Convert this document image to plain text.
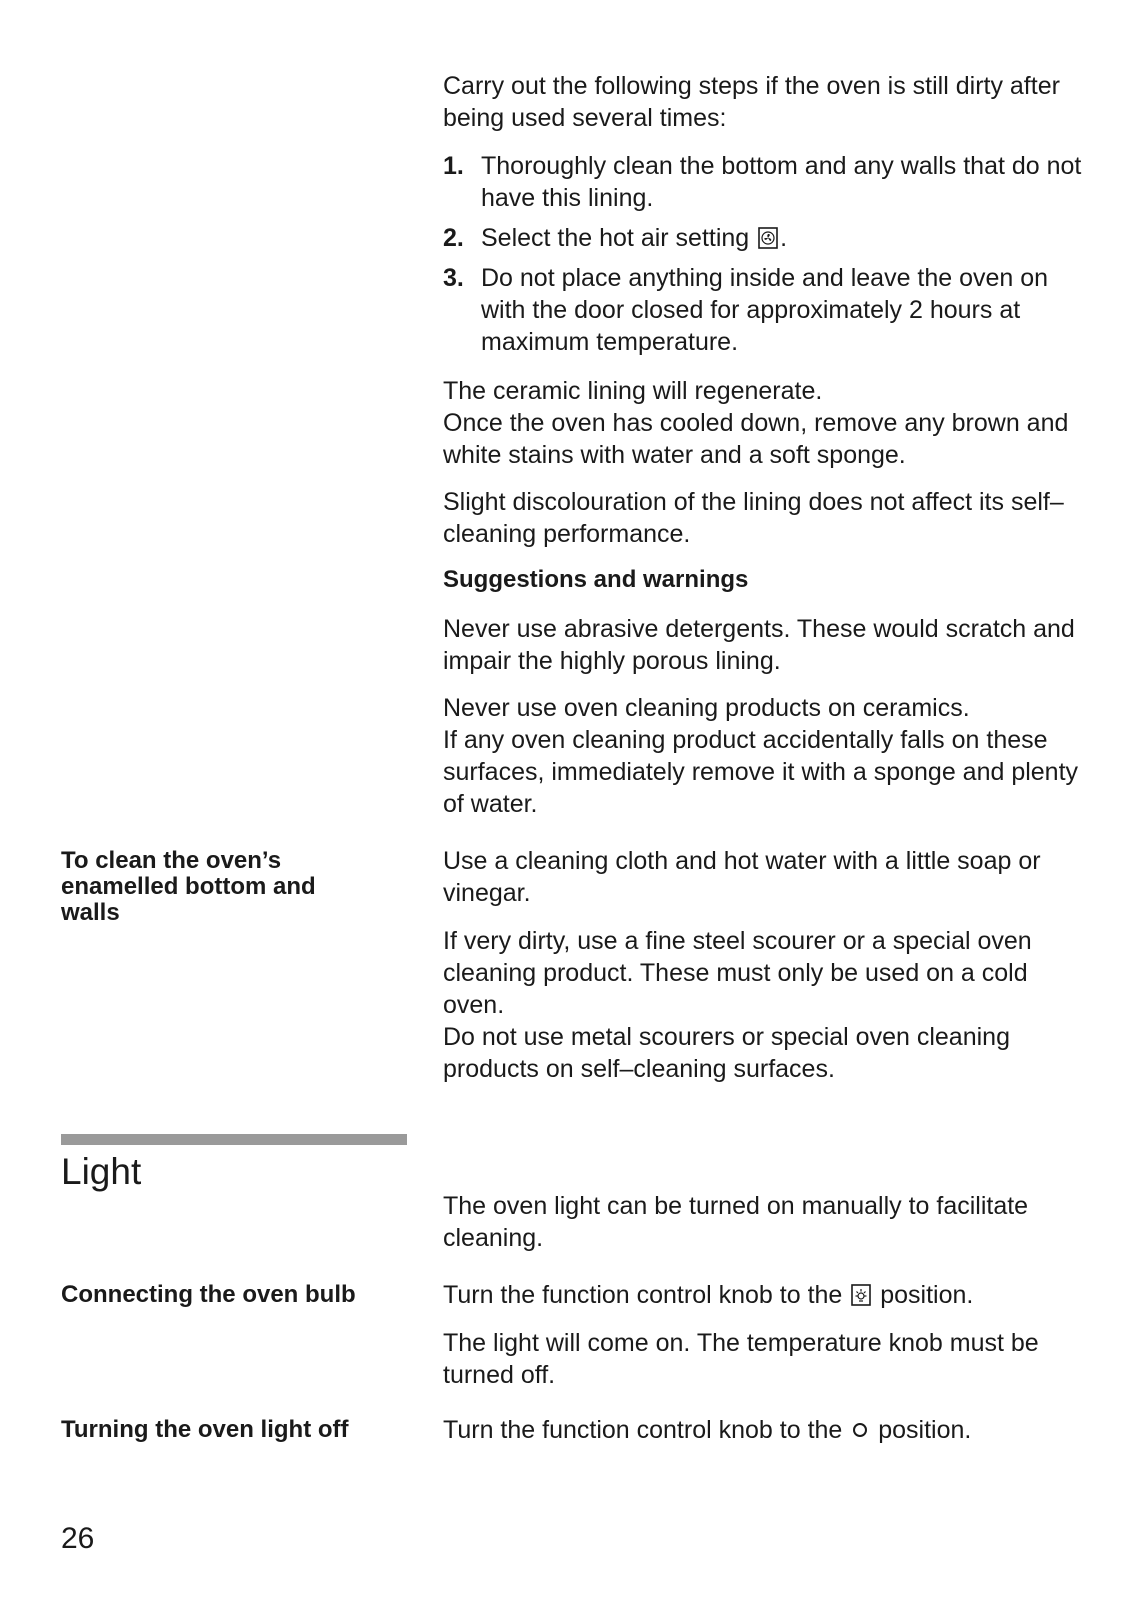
Carry out the following steps if the oven is still dirty after being used several times:

1. Thoroughly clean the bottom and any walls that do not have this lining.
2. Select the hot air setting .
3. Do not place anything inside and leave the oven on with the door closed for approximately 2 hours at maximum temperature.
The ceramic lining will regenerate.
Once the oven has cooled down, remove any brown and white stains with water and a soft sponge.

Slight discolouration of the lining does not affect its self–cleaning performance.

Suggestions and warnings

Never use abrasive detergents. These would scratch and impair the highly porous lining.

Never use oven cleaning products on ceramics.
If any oven cleaning product accidentally falls on these surfaces, immediately remove it with a sponge and plenty of water.

To clean the oven’s enamelled bottom and walls

Use a cleaning cloth and hot water with a little soap or vinegar.

If very dirty, use a fine steel scourer or a special oven cleaning product. These must only be used on a cold oven.
Do not use metal scourers or special oven cleaning products on self–cleaning surfaces.
Light

The oven light can be turned on manually to facilitate cleaning.

Connecting the oven bulb	Turn the function control knob to the position.

The light will come on. The temperature knob must be turned off.

Turning the oven light off	Turn the function control knob to the position.

26
